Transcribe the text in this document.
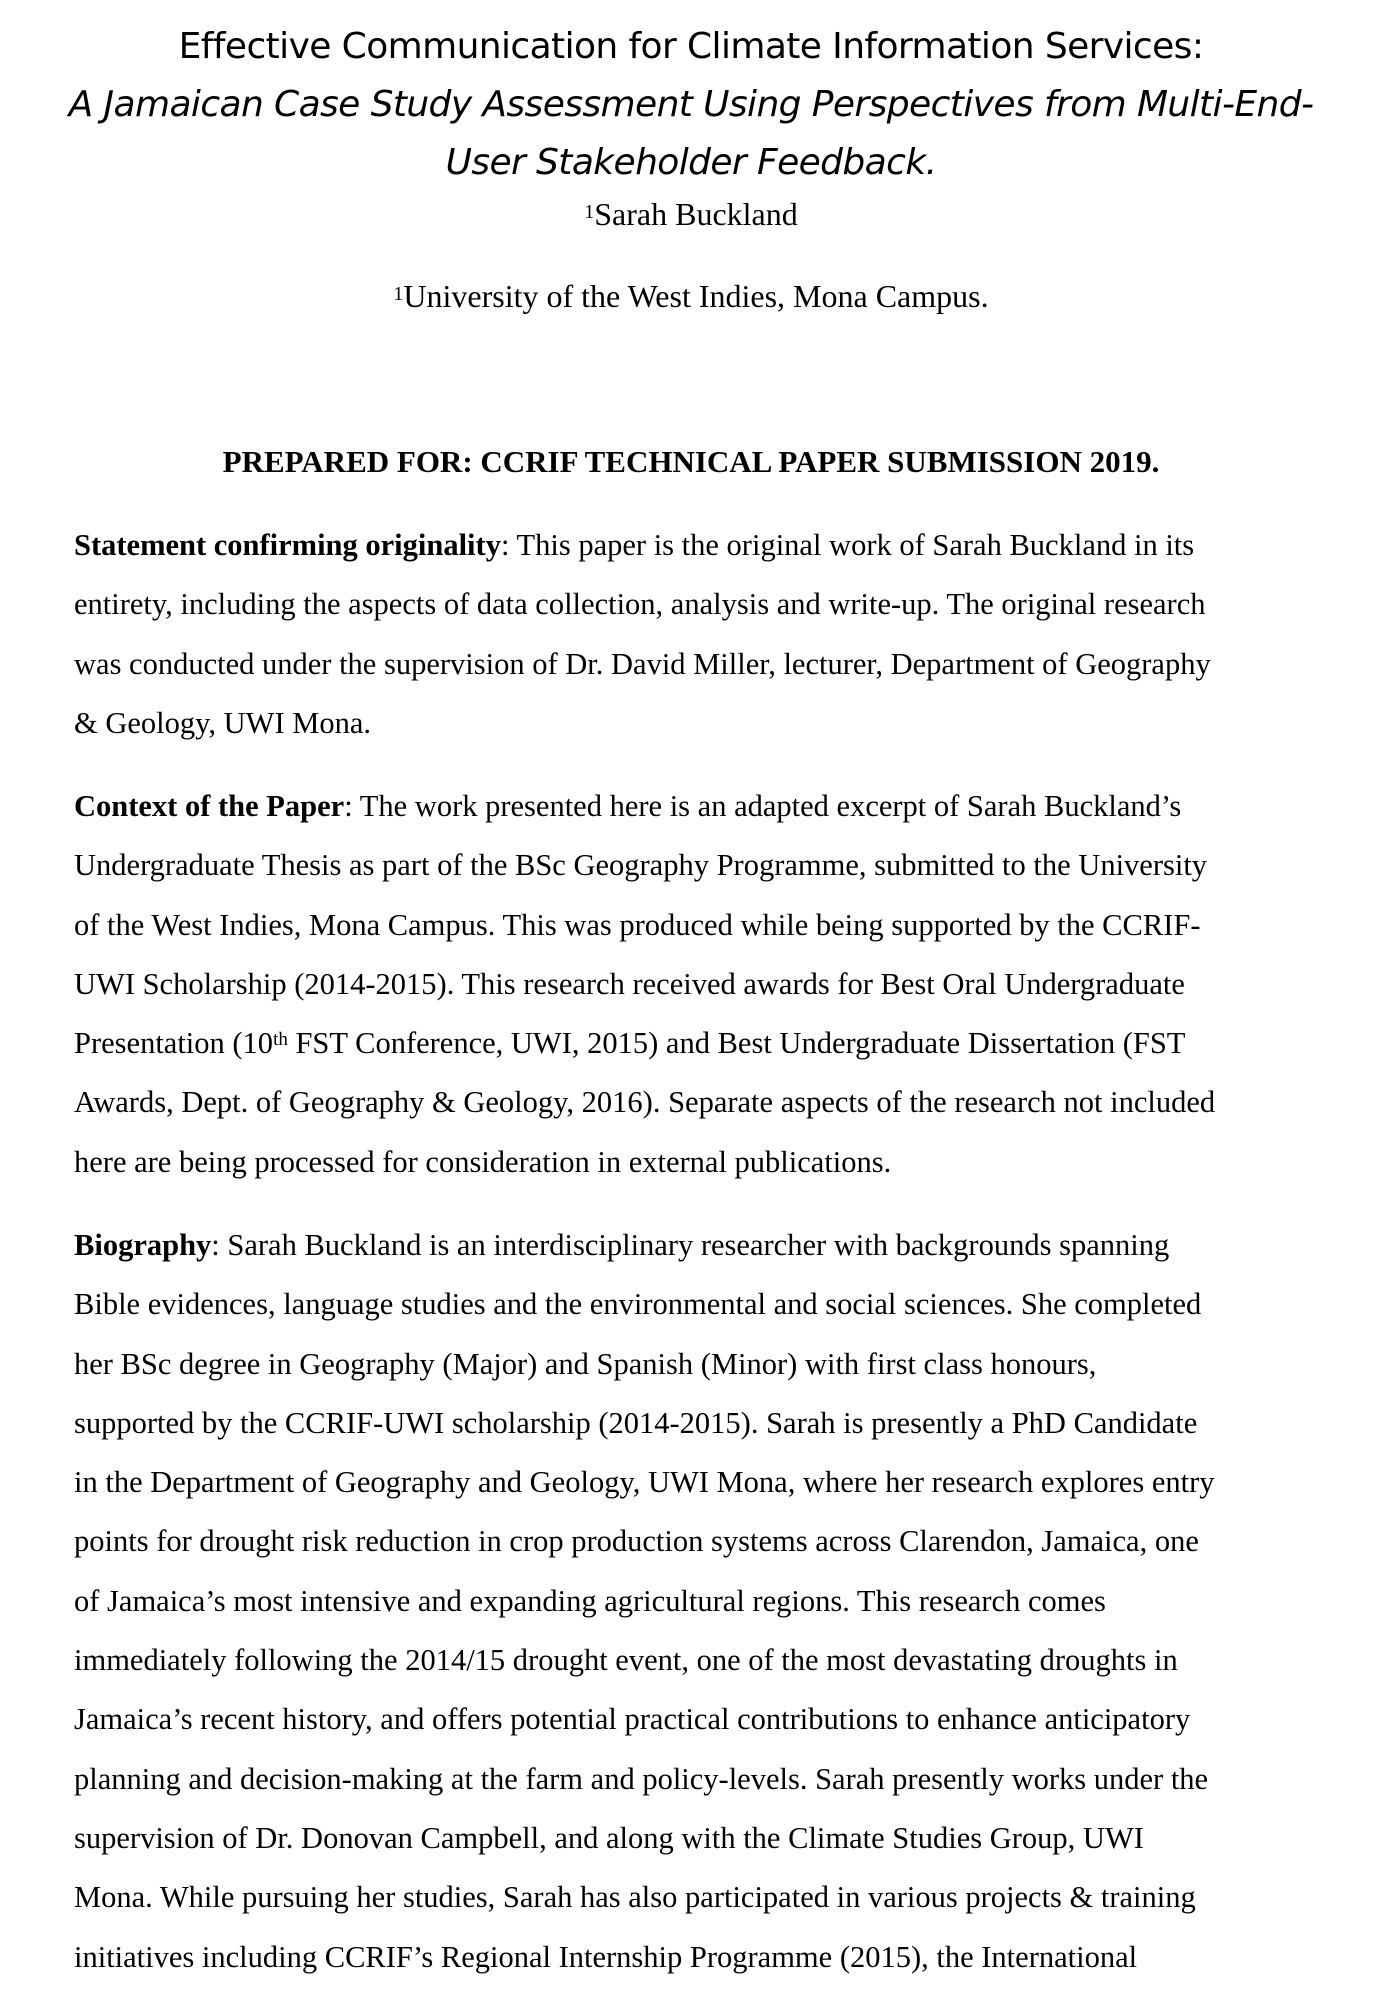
Effective Communication for Climate Information Services:
A Jamaican Case Study Assessment Using Perspectives from Multi-End-
User Stakeholder Feedback.
$^1$Sarah Buckland
$^1$University of the West Indies, Mona Campus.
PREPARED FOR: CCRIF TECHNICAL PAPER SUBMISSION 2019.
Statement confirming originality: This paper is the original work of Sarah Buckland in its
entirety, including the aspects of data collection, analysis and write-up. The original research
was conducted under the supervision of Dr. David Miller, lecturer, Department of Geography
& Geology, UWI Mona.
Context of the Paper: The work presented here is an adapted excerpt of Sarah Buckland’s
Undergraduate Thesis as part of the BSc Geography Programme, submitted to the University
of the West Indies, Mona Campus. This was produced while being supported by the CCRIF-
UWI Scholarship (2014-2015). This research received awards for Best Oral Undergraduate
Presentation (10th FST Conference, UWI, 2015) and Best Undergraduate Dissertation (FST
Awards, Dept. of Geography & Geology, 2016). Separate aspects of the research not included
here are being processed for consideration in external publications.
Biography: Sarah Buckland is an interdisciplinary researcher with backgrounds spanning
Bible evidences, language studies and the environmental and social sciences. She completed
her BSc degree in Geography (Major) and Spanish (Minor) with first class honours,
supported by the CCRIF-UWI scholarship (2014-2015). Sarah is presently a PhD Candidate
in the Department of Geography and Geology, UWI Mona, where her research explores entry
points for drought risk reduction in crop production systems across Clarendon, Jamaica, one
of Jamaica’s most intensive and expanding agricultural regions. This research comes
immediately following the 2014/15 drought event, one of the most devastating droughts in
Jamaica’s recent history, and offers potential practical contributions to enhance anticipatory
planning and decision-making at the farm and policy-levels. Sarah presently works under the
supervision of Dr. Donovan Campbell, and along with the Climate Studies Group, UWI
Mona. While pursuing her studies, Sarah has also participated in various projects & training
initiatives including CCRIF’s Regional Internship Programme (2015), the International
